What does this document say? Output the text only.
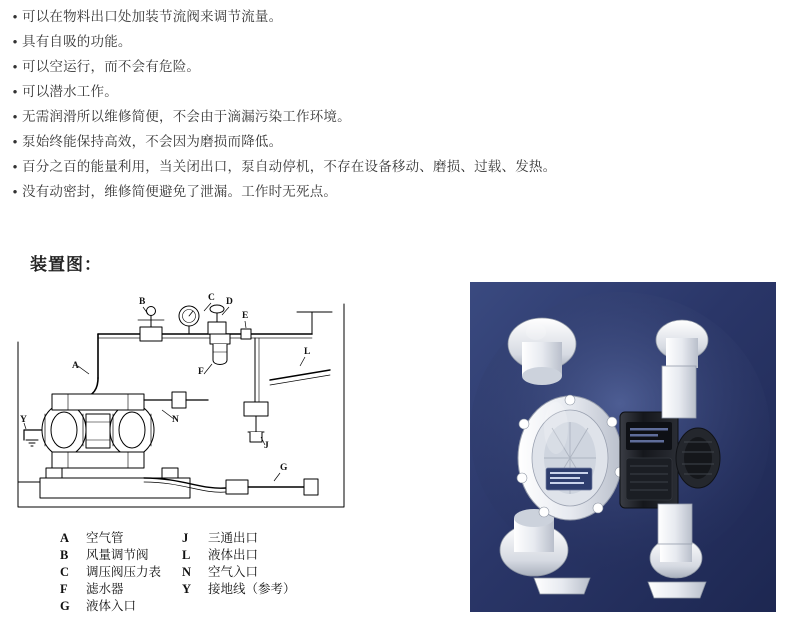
• 可以在物料出口处加装节流阀来调节流量。
• 具有自吸的功能。
• 可以空运行，而不会有危险。
• 可以潜水工作。
• 无需润滑所以维修简便，不会由于滴漏污染工作环境。
• 泵始终能保持高效，不会因为磨损而降低。
• 百分之百的能量利用，当关闭出口，泵自动停机，不存在设备移动、磨损、过载、发热。
• 没有动密封，维修简便避免了泄漏。工作时无死点。
装置图：
B	C D
E
F
A
L
J
N
G
Y
A	空气管
B	风量调节阀
C	调压阀压力表
F	滤水器
G	液体入口
J	三通出口
L	液体出口
N	空气入口
Y	接地线（参考）
